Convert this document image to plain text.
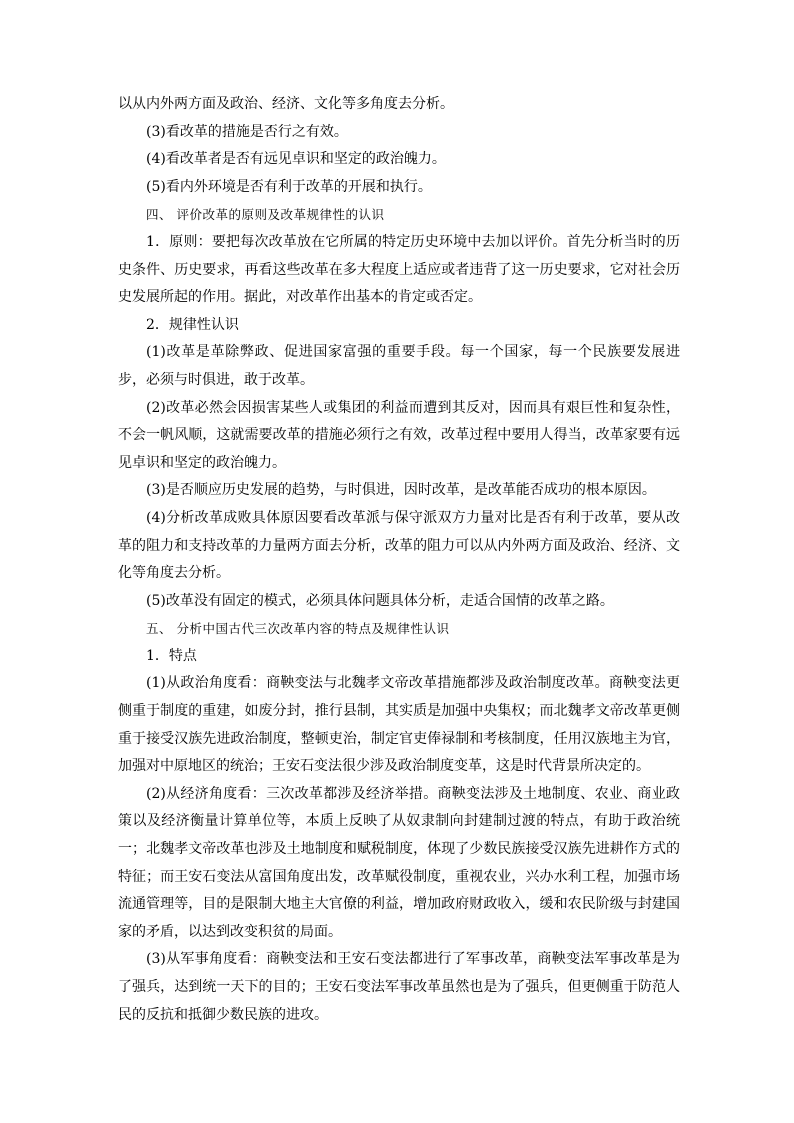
以从内外两方面及政治、经济、文化等多角度去分析。

(3)看改革的措施是否行之有效。

(4)看改革者是否有远见卓识和坚定的政治魄力。

(5)看内外环境是否有利于改革的开展和执行。

四、 评价改革的原则及改革规律性的认识

1．原则：要把每次改革放在它所属的特定历史环境中去加以评价。首先分析当时的历史条件、历史要求，再看这些改革在多大程度上适应或者违背了这一历史要求，它对社会历史发展所起的作用。据此，对改革作出基本的肯定或否定。

2．规律性认识

(1)改革是革除弊政、促进国家富强的重要手段。每一个国家，每一个民族要发展进步，必须与时俱进，敢于改革。

(2)改革必然会因损害某些人或集团的利益而遭到其反对，因而具有艰巨性和复杂性，不会一帆风顺，这就需要改革的措施必须行之有效，改革过程中要用人得当，改革家要有远见卓识和坚定的政治魄力。

(3)是否顺应历史发展的趋势，与时俱进，因时改革，是改革能否成功的根本原因。

(4)分析改革成败具体原因要看改革派与保守派双方力量对比是否有利于改革，要从改革的阻力和支持改革的力量两方面去分析，改革的阻力可以从内外两方面及政治、经济、文化等角度去分析。

(5)改革没有固定的模式，必须具体问题具体分析，走适合国情的改革之路。

五、 分析中国古代三次改革内容的特点及规律性认识

1．特点

(1)从政治角度看：商鞅变法与北魏孝文帝改革措施都涉及政治制度改革。商鞅变法更侧重于制度的重建，如废分封，推行县制，其实质是加强中央集权；而北魏孝文帝改革更侧重于接受汉族先进政治制度，整顿吏治，制定官吏俸禄制和考核制度，任用汉族地主为官，加强对中原地区的统治；王安石变法很少涉及政治制度变革，这是时代背景所决定的。

(2)从经济角度看：三次改革都涉及经济举措。商鞅变法涉及土地制度、农业、商业政策以及经济衡量计算单位等，本质上反映了从奴隶制向封建制过渡的特点，有助于政治统一；北魏孝文帝改革也涉及土地制度和赋税制度，体现了少数民族接受汉族先进耕作方式的特征；而王安石变法从富国角度出发，改革赋役制度，重视农业，兴办水利工程，加强市场流通管理等，目的是限制大地主大官僚的利益，增加政府财政收入，缓和农民阶级与封建国家的矛盾，以达到改变积贫的局面。

(3)从军事角度看：商鞅变法和王安石变法都进行了军事改革，商鞅变法军事改革是为了强兵，达到统一天下的目的；王安石变法军事改革虽然也是为了强兵，但更侧重于防范人民的反抗和抵御少数民族的进攻。
